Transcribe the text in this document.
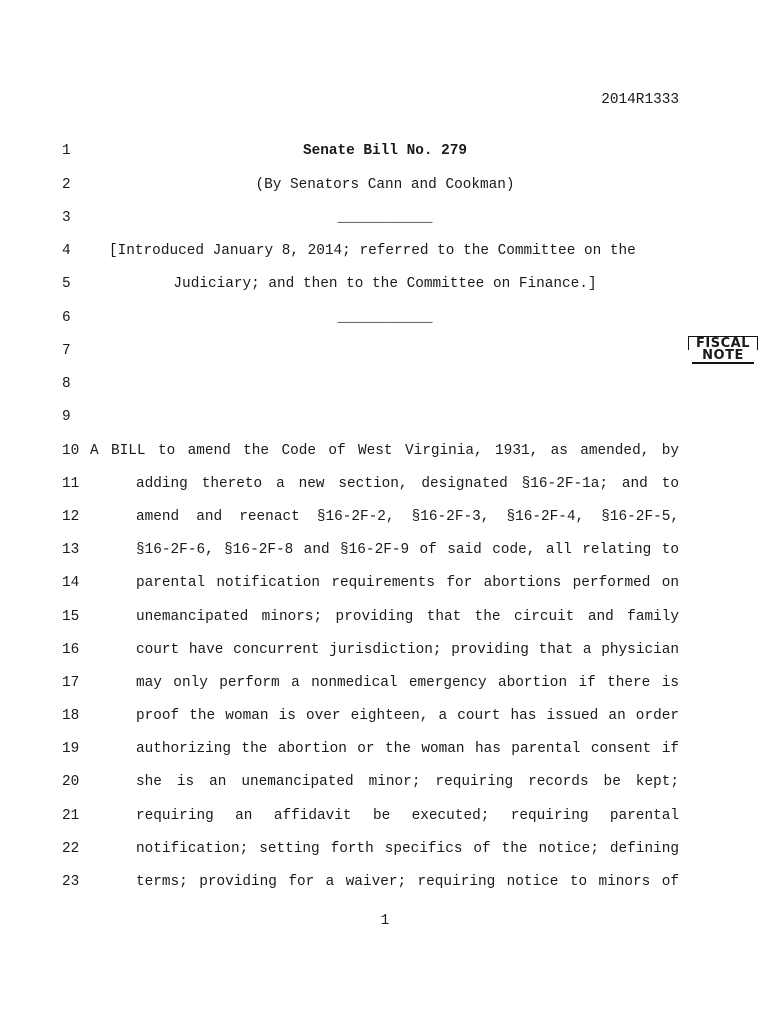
2014R1333
1	Senate Bill No. 279
2	(By Senators Cann and Cookman)
3	___________
4	[Introduced January 8, 2014; referred to the Committee on the
5	Judiciary; and then to the Committee on Finance.]
6	___________
7
8
9
10 A BILL to amend the Code of West Virginia, 1931, as amended, by
11	adding thereto a new section, designated §16-2F-1a; and to
12	amend and reenact §16-2F-2, §16-2F-3, §16-2F-4, §16-2F-5,
13	§16-2F-6, §16-2F-8 and §16-2F-9 of said code, all relating to
14	parental notification requirements for abortions performed on
15	unemancipated minors; providing that the circuit and family
16	court have concurrent jurisdiction; providing that a physician
17	may only perform a nonmedical emergency abortion if there is
18	proof the woman is over eighteen, a court has issued an order
19	authorizing the abortion or the woman has parental consent if
20	she is an unemancipated minor; requiring records be kept;
21	requiring an affidavit be executed; requiring parental
22	notification; setting forth specifics of the notice; defining
23	terms; providing for a waiver; requiring notice to minors of
FISCAL
NOTE
1
